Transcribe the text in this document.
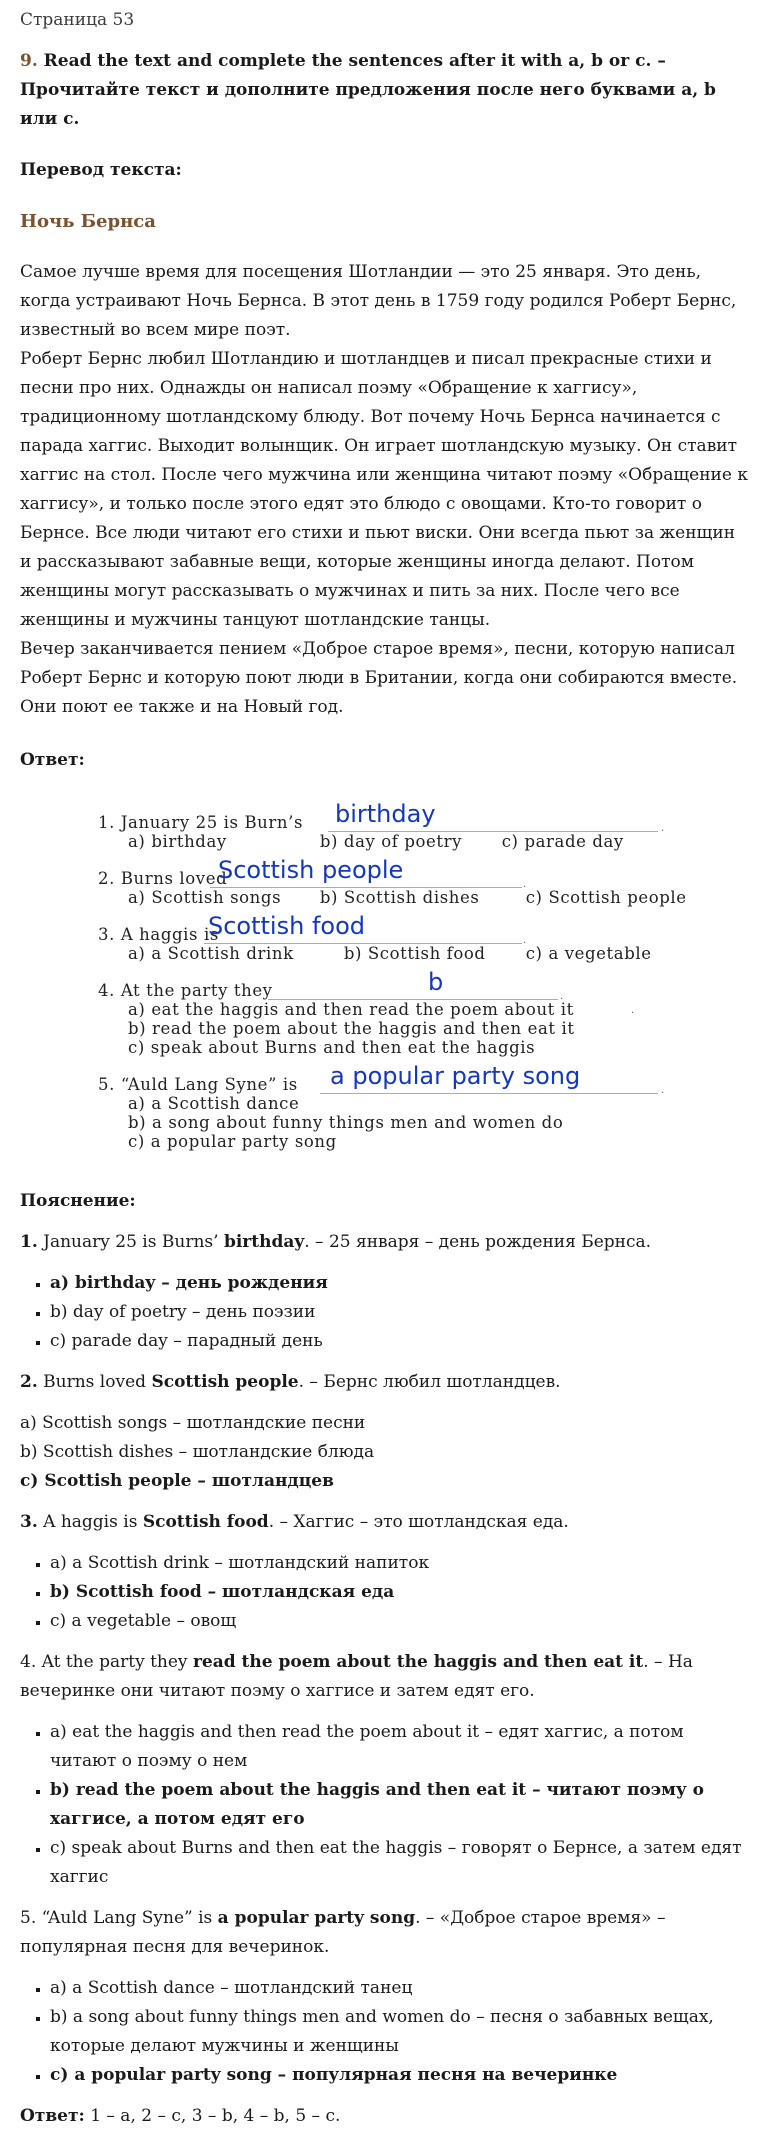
Страница 53
9. Read the text and complete the sentences after it with a, b or c. – Прочитайте текст и дополните предложения после него буквами a, b или c.
Перевод текста:
Ночь Бернса
Самое лучше время для посещения Шотландии — это 25 января. Это день, когда устраивают Ночь Бернса. В этот день в 1759 году родился Роберт Бернс, известный во всем мире поэт.
Роберт Бернс любил Шотландию и шотландцев и писал прекрасные стихи и песни про них. Однажды он написал поэму «Обращение к хаггису», традиционному шотландскому блюду. Вот почему Ночь Бернса начинается с парада хаггис. Выходит волынщик. Он играет шотландскую музыку. Он ставит хаггис на стол. После чего мужчина или женщина читают поэму «Обращение к хаггису», и только после этого едят это блюдо с овощами. Кто-то говорит о Бернсе. Все люди читают его стихи и пьют виски. Они всегда пьют за женщин и рассказывают забавные вещи, которые женщины иногда делают. Потом женщины могут рассказывать о мужчинах и пить за них. После чего все женщины и мужчины танцуют шотландские танцы.
Вечер заканчивается пением «Доброе старое время», песни, которую написал Роберт Бернс и которую поют люди в Британии, когда они собираются вместе. Они поют ее также и на Новый год.
Ответ:
1. January 25 is Burn’s	.
birthday
a) birthday	b) day of poetry c) parade day
2. Burns loved	.
Scottish people
a) Scottish songs b) Scottish dishes	c) Scottish people
3. A haggis is	.
Scottish food
a) a Scottish drink	b) Scottish food c) a vegetable
4. At the party they	.
b
a) eat the haggis and then read the poem about it
b) read the poem about the haggis and then eat it
c) speak about Burns and then eat the haggis
.
5. “Auld Lang Syne” is	.
a popular party song
a) a Scottish dance
b) a song about funny things men and women do
c) a popular party song
Пояснение:
1. January 25 is Burns’ birthday. – 25 января – день рождения Бернса.
▪ a) birthday – день рождения
▪ b) day of poetry – день поэзии
▪ c) parade day – парадный день
2. Burns loved Scottish people. – Бернс любил шотландцев.
a) Scottish songs – шотландские песни
b) Scottish dishes – шотландские блюда
c) Scottish people – шотландцев
3. A haggis is Scottish food. – Хаггис – это шотландская еда.
▪ a) a Scottish drink – шотландский напиток
▪ b) Scottish food – шотландская еда
▪ c) a vegetable – овощ
4. At the party they read the poem about the haggis and then eat it. – На вечеринке они читают поэму о хаггисе и затем едят его.
▪ a) eat the haggis and then read the poem about it – едят хаггис, а потом читают о поэму о нем
▪ b) read the poem about the haggis and then eat it – читают поэму о хаггисе, а потом едят его
▪ c) speak about Burns and then eat the haggis – говорят о Бернсе, а затем едят хаггис
5. “Auld Lang Syne” is a popular party song. – «Доброе старое время» – популярная песня для вечеринок.
▪ a) a Scottish dance – шотландский танец
▪ b) a song about funny things men and women do – песня о забавных вещах, которые делают мужчины и женщины
▪ c) a popular party song – популярная песня на вечеринке
Ответ: 1 – a, 2 – c, 3 – b, 4 – b, 5 – c.
